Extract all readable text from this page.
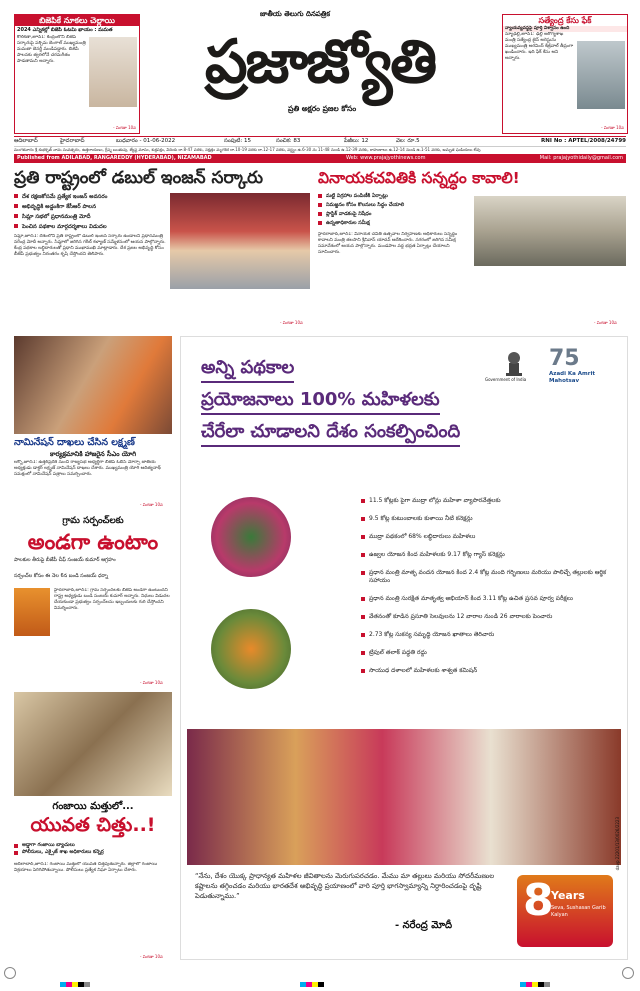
బిజెపికే నూకలు చెల్లాయి
2024 ఎన్నికల్లో బిజెపి ఓటమి ఖాయం : మమత
కోల్‌కతా,జూన్‌1: కేంద్రంలోని బీజేపీ సర్కారుపై పశ్చిమ బెంగాల్‌ ముఖ్యమంత్రి మమతా బెనర్జీ మండిపడ్డారు. బిజెపి పాలనకు త్వరలోనే చరమగీతం పాడతామని అన్నారు.
- మిగతా 10వ
జాతీయ తెలుగు దినపత్రిక
ప్రజాజ్యోతి
ప్రతి అక్షరం ప్రజల కోసం
సత్యేంద్ర కేసు ఫేక్
న్యాయవ్యవస్థపై పూర్తి విశ్వాసం ఉంది
న్యూఢిల్లీ,జూన్‌1: ఢిల్లీ ఆరోగ్యశాఖ మంత్రి సత్యేంద్ర జైన్‌ అరెస్టును ముఖ్యమంత్రి అరవింద్‌ కేజ్రీవాల్‌ తీవ్రంగా ఖండించారు. ఇది ఫేక్‌ కేసు అని అన్నారు.
- మిగతా 10వ
ఆదిలాబాద్	హైదరాబాద్	బుధవారం - 01-06-2022	సంపుటి: 15	సంచిక: 83	పేజీలు: 12	వెల: రూ.5	RNI No : APTEL/2008/24799
మంగళవారం శ్రీ శుభకృత్ నామ సంవత్సరం, ఉత్తరాయణం, గ్రీష్మ ఋతువు, జ్యేష్ఠ మాసం, శుక్లపక్షం, విదియ రా.8-47 వరకు, నక్షత్రం మృగశిర రా.10-19 వరకు రా.12-17 వరకు, వర్జ్యం ఉ.6-30 ను 11-48 నుండి ఉ.12-39 వరకు, రాహుకాలం ఉ.12-14 నుండి ఉ.1-51 వరకు, అమృత ఘడియలు లేవు
Published from ADILABAD, RANGAREDDY (HYDERABAD), NIZAMABAD	Web: www.prajajyothinews.com	Mail: prajajyothidaily@gmail.com
ప్రతి రాష్ట్రంలో డబుల్ ఇంజన్ సర్కారు
దేశ రక్షణకోసమే ప్రత్యేక ఇంజన్ అవసరం
అభివృద్ధికి అడ్డంకిగా కేసీఆర్ పాలన
సిమ్లా సభలో ప్రధానమంత్రి మోదీ
పెంచిన పథకాల మార్గదర్శకాలు విడుదల
సిమ్లా,జూన్‌1: దేశంలోని ప్రతి రాష్ట్రంలో డబుల్ ఇంజన్ సర్కారు ఉండాలని ప్రధానమంత్రి నరేంద్ర మోదీ అన్నారు. సిమ్లాలో జరిగిన గరీబ్ కళ్యాణ్ సమ్మేళనంలో ఆయన పాల్గొన్నారు. కేంద్ర పథకాల లబ్ధిదారులతో ప్రధాని ముఖాముఖి మాట్లాడారు. దేశ ప్రజల అభివృద్ధి కోసం బీజేపీ ప్రభుత్వం నిరంతరం కృషి చేస్తోందని తెలిపారు.
- మిగతా 10వ
వినాయకచవితికి సన్నద్ధం కావాలి!
మట్టి విగ్రహాల పంపిణీకి ఏర్పాట్లు
నిమజ్జనం కోసం కొలనులు సిద్ధం చేయాలి
ప్లాస్టిక్ వాడకంపై నిషేధం
ఉన్నతాధికారుల సమీక్ష
హైదరాబాద్‌,జూన్‌1: వినాయక చవితి ఉత్సవాల నిర్వహణకు అధికారులు సన్నద్ధం కావాలని మంత్రి తలసాని శ్రీనివాస్ యాదవ్ ఆదేశించారు. నగరంలో జరిగిన సమీక్ష సమావేశంలో ఆయన పాల్గొన్నారు. మండపాల వద్ద భద్రత ఏర్పాట్లు చేయాలని సూచించారు.
- మిగతా 10వ
నామినేషన్ దాఖలు చేసిన లక్ష్మణ్
కార్యక్రమానికి హాజరైన సీఎం యోగి
లక్నో,జూన్‌1: ఉత్తర్‌ప్రదేశ్ నుంచి రాజ్యసభ అభ్యర్థిగా బీజేపీ ఓబీసీ మోర్చా జాతీయ అధ్యక్షుడు డాక్టర్ లక్ష్మణ్ నామినేషన్ దాఖలు చేశారు. ముఖ్యమంత్రి యోగి ఆదిత్యనాథ్ సమక్షంలో నామినేషన్ పత్రాలు సమర్పించారు.
- మిగతా 10వ
గ్రామ సర్పంచ్‌లకు
అండగా ఉంటాం
పాలకుల తీరుపై బీజేపీ చీఫ్ సంజయ్ కుమార్ ఆగ్రహం
సర్పంచ్‌ల కోసం ఈ నెల 6న బండి సంజయ్ ధర్నా
హైదరాబాద్‌,జూన్‌1: గ్రామ సర్పంచ్‌లకు బీజేపీ అండగా ఉంటుందని రాష్ట్ర అధ్యక్షుడు బండి సంజయ్ కుమార్ అన్నారు. నిధులు విడుదల చేయకుండా ప్రభుత్వం సర్పంచ్‌లను ఇబ్బందులకు గురి చేస్తోందని విమర్శించారు.
- మిగతా 10వ
గంజాయి మత్తులో...
యువత చిత్తు..!
అడ్డాగా గంజాయి బ్యాచులు
పోలీసులు, ఎక్సైజ్ శాఖ అధికారులు కన్నెర్ర
ఆదిలాబాద్,జూన్‌1: గంజాయి మత్తులో యువత చిత్తవుతున్నారు. జిల్లాలో గంజాయి విక్రయాలు పెరిగిపోతున్నాయి. పోలీసులు ప్రత్యేక నిఘా ఏర్పాటు చేశారు.
- మిగతా 10వ
అన్ని పథకాల
ప్రయోజనాలు 100% మహిళలకు
చేరేలా చూడాలని దేశం సంకల్పించింది
Government of India
75
Azadi Ka Amrit Mahotsav
11.5 కోట్లకు పైగా ముద్రా లోన్లు మహిళా వ్యాపారవేత్తలకు
9.5 కోట్ల కుటుంబాలకు కుళాయి నీటి కనెక్షన్లు
ముద్రా పథకంలో 68% లబ్ధిదారులు మహిళలు
ఉజ్వల యోజన కింద మహిళలకు 9.17 కోట్ల గ్యాస్ కనెక్షన్లు
ప్రధాన మంత్రి మాతృ వందన యోజన కింద 2.4 కోట్ల మంది గర్భిణులు మరియు పాలిచ్చే తల్లులకు ఆర్థిక సహాయం
ప్రధాన మంత్రి సురక్షిత మాతృత్వ అభియాన్ కింద 3.11 కోట్ల ఉచిత ప్రసవ పూర్వ పరీక్షలు
వేతనంతో కూడిన ప్రసూతి సెలవులను 12 వారాల నుండి 26 వారాలకు పెంచారు
2.73 కోట్ల సుకన్య సమృద్ధి యోజన ఖాతాలు తెరిచారు
ట్రిపుల్ తలాక్ పద్ధతి రద్దు
సాయుధ దళాలలో మహిళలకు శాశ్వత కమిషన్
“నేను, దేశం యొక్క ప్రాధాన్యత మహిళల జీవితాలను మెరుగుపరచడం. మేము మా తల్లులు మరియు సోదరీమణుల కష్టాలను తగ్గించడం మరియు భారతదేశ అభివృద్ధి ప్రయాణంలో వారి పూర్తి భాగస్వామ్యాన్ని నిర్ధారించడంపై దృష్టి పెడుతున్నాము.”
- నరేంద్ర మోదీ 8
Years
Seva, Sushasan Garib Kalyan
davp 22201/13/0026/2223
